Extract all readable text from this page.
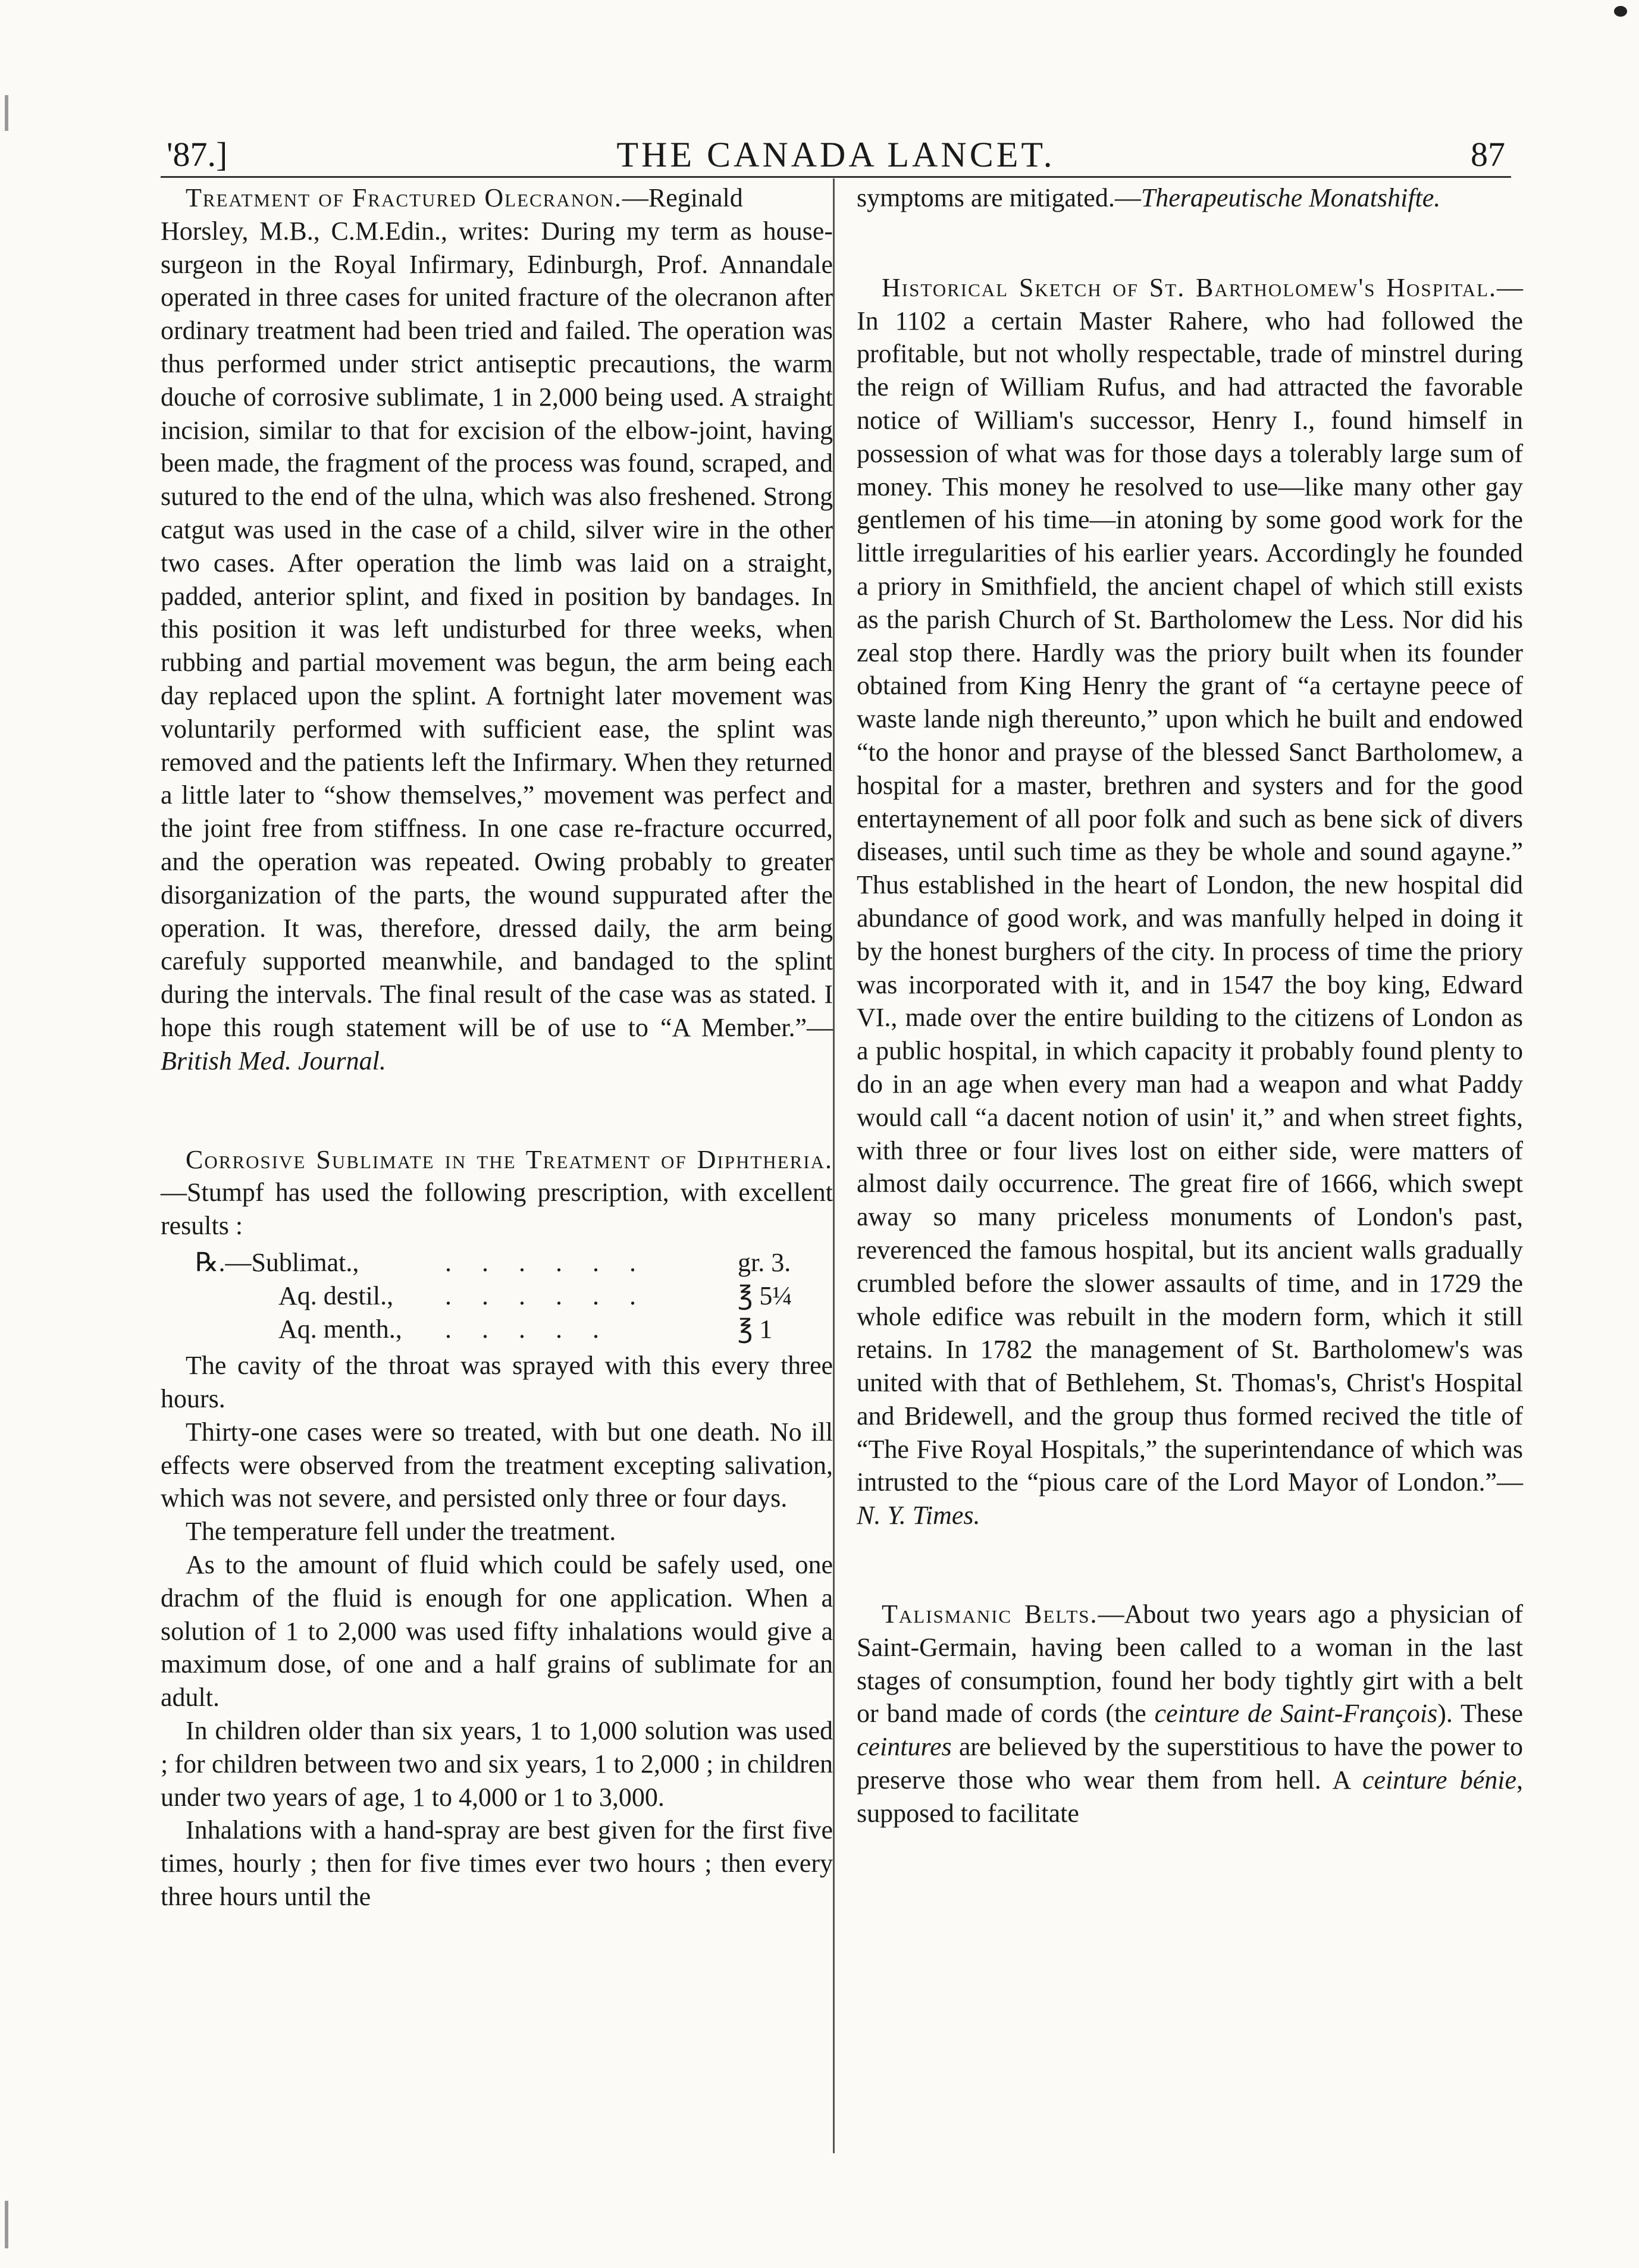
'87.]	THE CANADA LANCET.	87

Treatment of Fractured Olecranon.—Reginald Horsley, M.B., C.M.Edin., writes: During my term as house-surgeon in the Royal Infirmary, Edinburgh, Prof. Annandale operated in three cases for united fracture of the olecranon after ordinary treatment had been tried and failed. The operation was thus performed under strict antiseptic precautions, the warm douche of corrosive sublimate, 1 in 2,000 being used. A straight incision, similar to that for excision of the elbow-joint, having been made, the fragment of the process was found, scraped, and sutured to the end of the ulna, which was also freshened. Strong catgut was used in the case of a child, silver wire in the other two cases. After operation the limb was laid on a straight, padded, anterior splint, and fixed in position by bandages. In this position it was left undisturbed for three weeks, when rubbing and partial movement was begun, the arm being each day replaced upon the splint. A fortnight later movement was voluntarily performed with sufficient ease, the splint was removed and the patients left the Infirmary. When they returned a little later to “show themselves,” movement was perfect and the joint free from stiffness. In one case re-fracture occurred, and the operation was repeated. Owing probably to greater disorganization of the parts, the wound suppurated after the operation. It was, therefore, dressed daily, the arm being carefuly supported meanwhile, and bandaged to the splint during the intervals. The final result of the case was as stated. I hope this rough statement will be of use to “A Member.”—British Med. Journal.

Corrosive Sublimate in the Treatment of Diphtheria.—Stumpf has used the following prescription, with excellent results :

℞.—Sublimat.,	. . . . . .	gr. 3.
Aq. destil.,	. . . . . .	℥ 5¼
Aq. menth.,	. . . . .	℥ 1

The cavity of the throat was sprayed with this every three hours.

Thirty-one cases were so treated, with but one death. No ill effects were observed from the treatment excepting salivation, which was not severe, and persisted only three or four days.

The temperature fell under the treatment.

As to the amount of fluid which could be safely used, one drachm of the fluid is enough for one application. When a solution of 1 to 2,000 was used fifty inhalations would give a maximum dose, of one and a half grains of sublimate for an adult.

In children older than six years, 1 to 1,000 solution was used ; for children between two and six years, 1 to 2,000 ; in children under two years of age, 1 to 4,000 or 1 to 3,000.

Inhalations with a hand-spray are best given for the first five times, hourly ; then for five times ever two hours ; then every three hours until the

symptoms are mitigated.—Therapeutische Monatshifte.

Historical Sketch of St. Bartholomew's Hospital.—In 1102 a certain Master Rahere, who had followed the profitable, but not wholly respectable, trade of minstrel during the reign of William Rufus, and had attracted the favorable notice of William's successor, Henry I., found himself in possession of what was for those days a tolerably large sum of money. This money he resolved to use—like many other gay gentlemen of his time—in atoning by some good work for the little irregularities of his earlier years. Accordingly he founded a priory in Smithfield, the ancient chapel of which still exists as the parish Church of St. Bartholomew the Less. Nor did his zeal stop there. Hardly was the priory built when its founder obtained from King Henry the grant of “a certayne peece of waste lande nigh thereunto,” upon which he built and endowed “to the honor and prayse of the blessed Sanct Bartholomew, a hospital for a master, brethren and systers and for the good entertaynement of all poor folk and such as bene sick of divers diseases, until such time as they be whole and sound agayne.” Thus established in the heart of London, the new hospital did abundance of good work, and was manfully helped in doing it by the honest burghers of the city. In process of time the priory was incorporated with it, and in 1547 the boy king, Edward VI., made over the entire building to the citizens of London as a public hospital, in which capacity it probably found plenty to do in an age when every man had a weapon and what Paddy would call “a dacent notion of usin' it,” and when street fights, with three or four lives lost on either side, were matters of almost daily occurrence. The great fire of 1666, which swept away so many priceless monuments of London's past, reverenced the famous hospital, but its ancient walls gradually crumbled before the slower assaults of time, and in 1729 the whole edifice was rebuilt in the modern form, which it still retains. In 1782 the management of St. Bartholomew's was united with that of Bethlehem, St. Thomas's, Christ's Hospital and Bridewell, and the group thus formed recived the title of “The Five Royal Hospitals,” the superintendance of which was intrusted to the “pious care of the Lord Mayor of London.”—N. Y. Times.

Talismanic Belts.—About two years ago a physician of Saint-Germain, having been called to a woman in the last stages of consumption, found her body tightly girt with a belt or band made of cords (the ceinture de Saint-François). These ceintures are believed by the superstitious to have the power to preserve those who wear them from hell. A ceinture bénie, supposed to facilitate
